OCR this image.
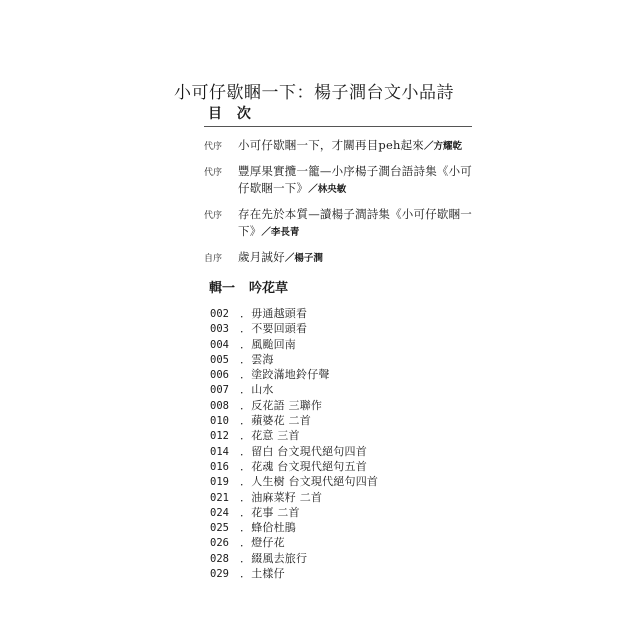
小可仔歇睏一下：楊子澗台文小品詩
目 次
代序 小可仔歇睏一下，才關再目peh起來／方耀乾
代序 豐厚果實攬一籠—小序楊子澗台語詩集《小可仔歇睏一下》／林央敏
代序 存在先於本質—讀楊子澗詩集《小可仔歇睏一下》／李長青
自序 歲月誠好／楊子澗
輯一 吟花草
002 ．毋通越頭看
003 ．不要回頭看
004 ．風颱回南
005 ．雲海
006 ．塗跤滿地鈴仔聲
007 ．山水
008 ．反花語 三聯作
010 ．蘋婆花 二首
012 ．花意 三首
014 ．留白 台文現代絕句四首
016 ．花魂 台文現代絕句五首
019 ．人生樹 台文現代絕句四首
021 ．油麻菜籽 二首
024 ．花事 二首
025 ．蜂佮杜鵑
026 ．燈仔花
028 ．綴風去旅行
029 ．土樣仔
